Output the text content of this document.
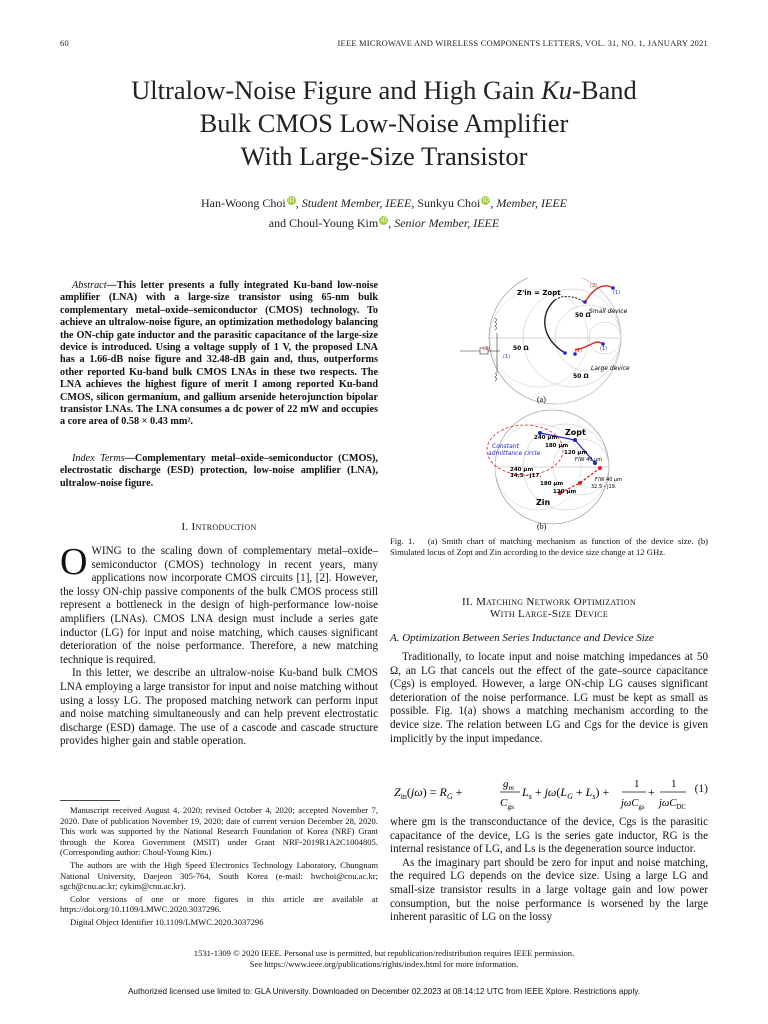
60	IEEE MICROWAVE AND WIRELESS COMPONENTS LETTERS, VOL. 31, NO. 1, JANUARY 2021
Ultralow-Noise Figure and High Gain Ku-Band
Bulk CMOS Low-Noise Amplifier
With Large-Size Transistor
Han-Woong Choi iD, Student Member, IEEE, Sunkyu Choi iD, Member, IEEE
and Choul-Young Kim iD, Senior Member, IEEE
Abstract—This letter presents a fully integrated Ku-band low-noise amplifier (LNA) with a large-size transistor using 65-nm bulk complementary metal–oxide–semiconductor (CMOS) technology. To achieve an ultralow-noise figure, an optimization methodology balancing the ON-chip gate inductor and the parasitic capacitance of the large-size device is introduced. Using a voltage supply of 1 V, the proposed LNA has a 1.66-dB noise figure and 32.48-dB gain and, thus, outperforms other reported Ku-band bulk CMOS LNAs in these two respects. The LNA achieves the highest figure of merit I among reported Ku-band CMOS, silicon germanium, and gallium arsenide heterojunction bipolar transistor LNAs. The LNA consumes a dc power of 22 mW and occupies a core area of 0.58 × 0.43 mm².
Index Terms—Complementary metal–oxide–semiconductor (CMOS), electrostatic discharge (ESD) protection, low-noise amplifier (LNA), ultralow-noise figure.
I. Introduction

OWING to the scaling down of complementary metal–oxide–semiconductor (CMOS) technology in recent years, many applications now incorporate CMOS circuits [1], [2]. However, the lossy ON-chip passive components of the bulk CMOS process still represent a bottleneck in the design of high-performance low-noise amplifiers (LNAs). CMOS LNA design must include a series gate inductor (LG) for input and noise matching, which causes significant deterioration of the noise performance. Therefore, a new matching technique is required.

In this letter, we describe an ultralow-noise Ku-band bulk CMOS LNA employing a large transistor for input and noise matching without using a lossy LG. The proposed matching network can perform input and noise matching simultaneously and can help prevent electrostatic discharge (ESD) damage. The use of a cascode and cascade structure provides higher gain and stable operation.

Manuscript received August 4, 2020; revised October 4, 2020; accepted November 7, 2020. Date of publication November 19, 2020; date of current version December 28, 2020. This work was supported by the National Research Foundation of Korea (NRF) Grant through the Korea Government (MSIT) under Grant NRF-2019R1A2C1004805. (Corresponding author: Choul-Young Kim.)

The authors are with the High Speed Electronics Technology Laboratory, Chungnam National University, Daejeon 305-764, South Korea (e-mail: hwchoi@cnu.ac.kr; sgch@cnu.ac.kr; cykim@cnu.ac.kr).

Color versions of one or more figures in this article are available at https://doi.org/10.1109/LMWC.2020.3037296.

Digital Object Identifier 10.1109/LMWC.2020.3037296

Z'in = Zopt
(2)
(1)
Small device
50 Ω
(2)	(1)
Large device
50 Ω
50 Ω
(2)
(1)
(a)
Zopt
Zin
Constant
admittance circle
240 µm
180 µm
120 µm
F/W 40 µm
240 µm
34.5 - j17.
180 µm
120 µm
F/W 40 µm
32.5 - j19.
(b)
Fig. 1. (a) Smith chart of matching mechanism as function of the device size. (b) Simulated locus of Zopt and Zin according to the device size change at 12 GHz.
II. Matching Network Optimization
With Large-Size Device
A. Optimization Between Series Inductance and Device Size

Traditionally, to locate input and noise matching impedances at 50 Ω, an LG that cancels out the effect of the gate–source capacitance (Cgs) is employed. However, a large ON-chip LG causes significant deterioration of the noise performance. LG must be kept as small as possible. Fig. 1(a) shows a matching mechanism according to the device size. The relation between LG and Cgs for the device is given implicitly by the input impedance.

$Z_{in}(j\omega) = R_G$ +
$g_m$
$C_{gs}$
$L_s + j\omega(L_G + L_s)$ +
1
jωC$_{gs}$
+
1
jωC$_{DC}$
(1)

where gm is the transconductance of the device, Cgs is the parasitic capacitance of the device, LG is the series gate inductor, RG is the internal resistance of LG, and Ls is the degeneration source inductor.

As the imaginary part should be zero for input and noise matching, the required LG depends on the device size. Using a large LG and small-size transistor results in a large voltage gain and low power consumption, but the noise performance is worsened by the large inherent parasitic of LG on the lossy

1531-1309 © 2020 IEEE. Personal use is permitted, but republication/redistribution requires IEEE permission.
See https://www.ieee.org/publications/rights/index.html for more information.
Authorized licensed use limited to: GLA University. Downloaded on December 02,2023 at 08:14:12 UTC from IEEE Xplore. Restrictions apply.
